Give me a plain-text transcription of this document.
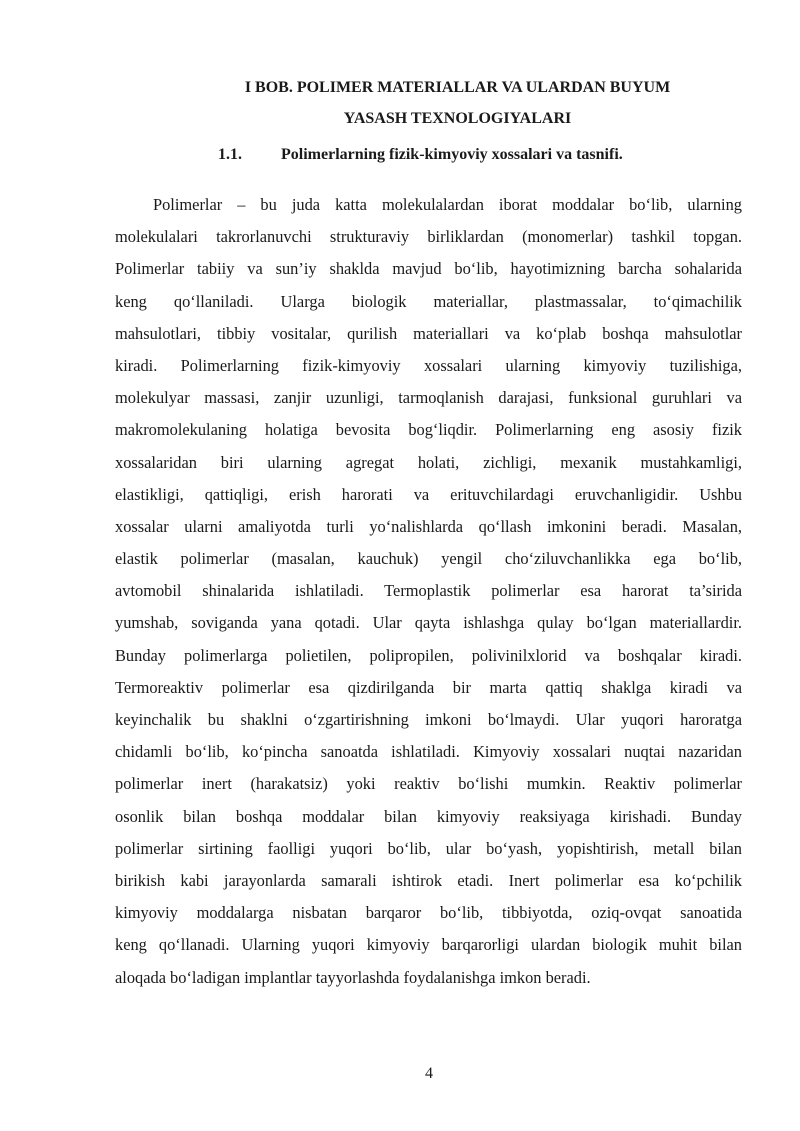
I BOB. POLIMER MATERIALLAR VA ULARDAN BUYUM
YASASH TEXNOLOGIYALARI
1.1. Polimerlarning fizik-kimyoviy xossalari va tasnifi.
Polimerlar – bu juda katta molekulalardan iborat moddalar bo‘lib, ularning
molekulalari takrorlanuvchi strukturaviy birliklardan (monomerlar) tashkil topgan.
Polimerlar tabiiy va sun’iy shaklda mavjud bo‘lib, hayotimizning barcha sohalarida
keng qo‘llaniladi. Ularga biologik materiallar, plastmassalar, to‘qimachilik
mahsulotlari, tibbiy vositalar, qurilish materiallari va ko‘plab boshqa mahsulotlar
kiradi. Polimerlarning fizik-kimyoviy xossalari ularning kimyoviy tuzilishiga,
molekulyar massasi, zanjir uzunligi, tarmoqlanish darajasi, funksional guruhlari va
makromolekulaning holatiga bevosita bog‘liqdir. Polimerlarning eng asosiy fizik
xossalaridan biri ularning agregat holati, zichligi, mexanik mustahkamligi,
elastikligi, qattiqligi, erish harorati va erituvchilardagi eruvchanligidir. Ushbu
xossalar ularni amaliyotda turli yo‘nalishlarda qo‘llash imkonini beradi. Masalan,
elastik polimerlar (masalan, kauchuk) yengil cho‘ziluvchanlikka ega bo‘lib,
avtomobil shinalarida ishlatiladi. Termoplastik polimerlar esa harorat ta’sirida
yumshab, soviganda yana qotadi. Ular qayta ishlashga qulay bo‘lgan materiallardir.
Bunday polimerlarga polietilen, polipropilen, polivinilxlorid va boshqalar kiradi.
Termoreaktiv polimerlar esa qizdirilganda bir marta qattiq shaklga kiradi va
keyinchalik bu shaklni o‘zgartirishning imkoni bo‘lmaydi. Ular yuqori haroratga
chidamli bo‘lib, ko‘pincha sanoatda ishlatiladi. Kimyoviy xossalari nuqtai nazaridan
polimerlar inert (harakatsiz) yoki reaktiv bo‘lishi mumkin. Reaktiv polimerlar
osonlik bilan boshqa moddalar bilan kimyoviy reaksiyaga kirishadi. Bunday
polimerlar sirtining faolligi yuqori bo‘lib, ular bo‘yash, yopishtirish, metall bilan
birikish kabi jarayonlarda samarali ishtirok etadi. Inert polimerlar esa ko‘pchilik
kimyoviy moddalarga nisbatan barqaror bo‘lib, tibbiyotda, oziq-ovqat sanoatida
keng qo‘llanadi. Ularning yuqori kimyoviy barqarorligi ulardan biologik muhit bilan
aloqada bo‘ladigan implantlar tayyorlashda foydalanishga imkon beradi.
4
